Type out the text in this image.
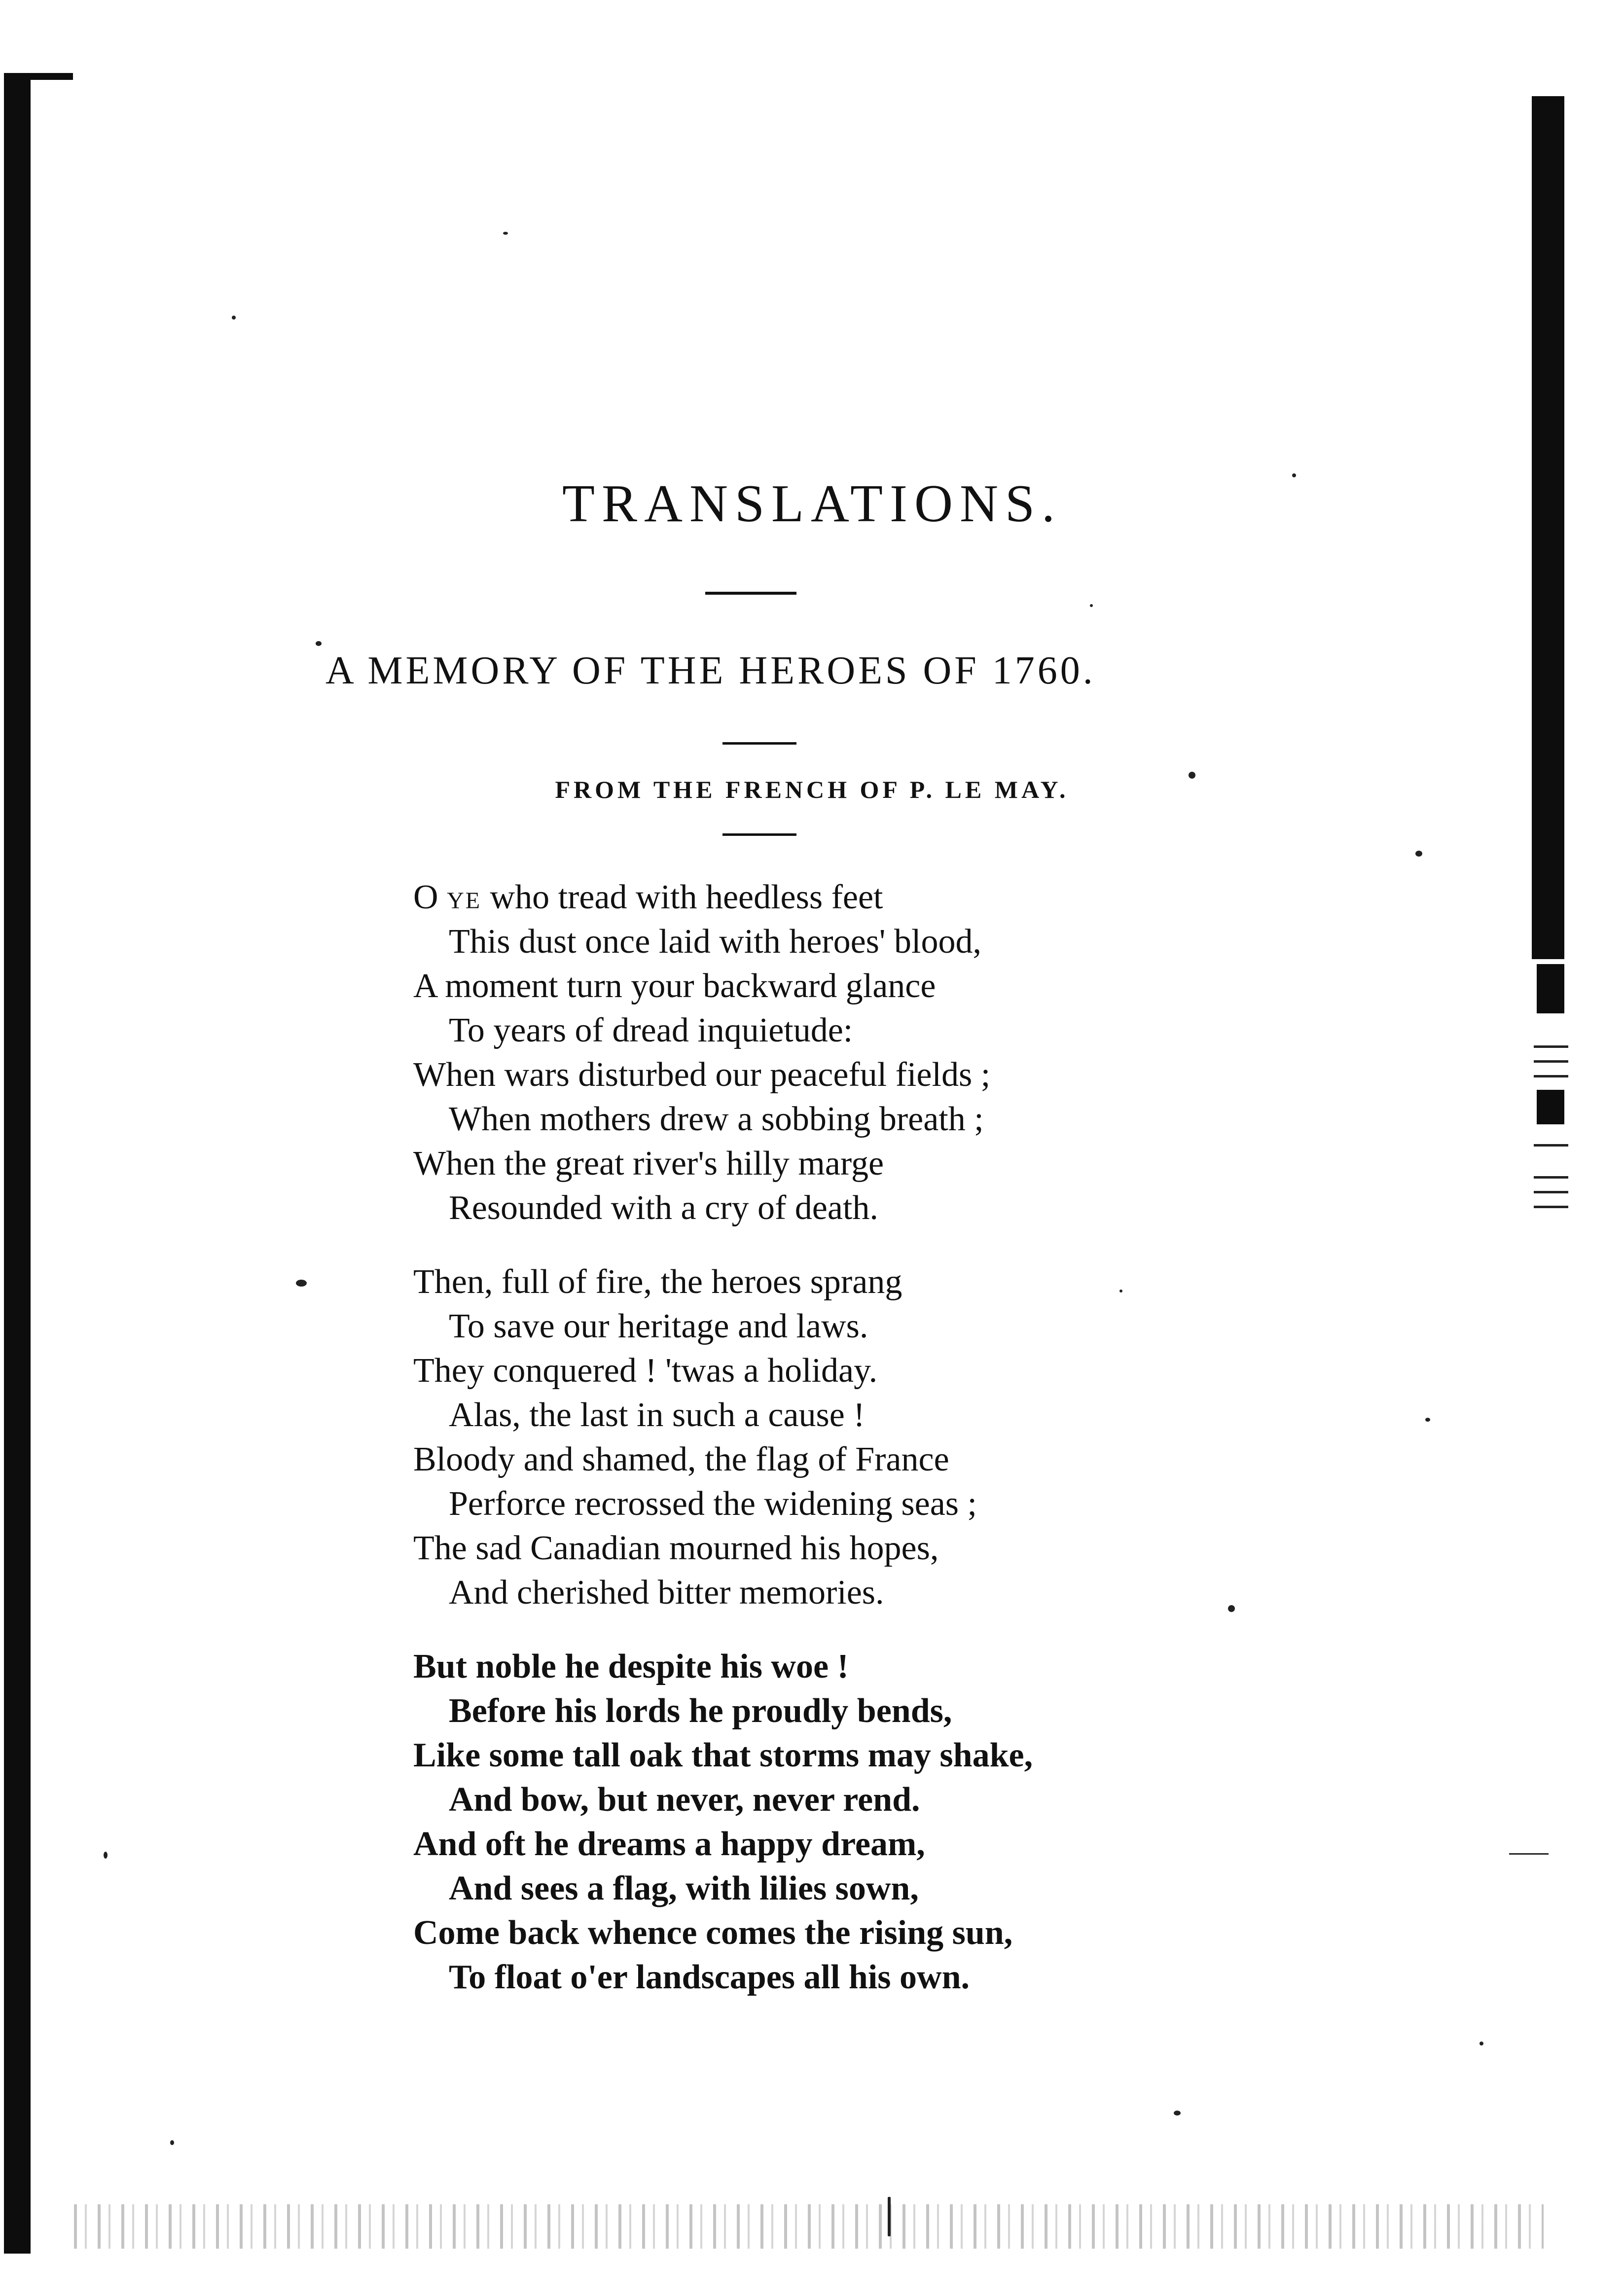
TRANSLATIONS.
A MEMORY OF THE HEROES OF 1760.

FROM THE FRENCH OF P. LE MAY.

O YE who tread with heedless feet
This dust once laid with heroes' blood,
A moment turn your backward glance
To years of dread inquietude:
When wars disturbed our peaceful fields ;
When mothers drew a sobbing breath ;
When the great river's hilly marge
Resounded with a cry of death.
Then, full of fire, the heroes sprang
To save our heritage and laws.
They conquered ! 'twas a holiday.
Alas, the last in such a cause !
Bloody and shamed, the flag of France
Perforce recrossed the widening seas ;
The sad Canadian mourned his hopes,
And cherished bitter memories.
But noble he despite his woe !
Before his lords he proudly bends,
Like some tall oak that storms may shake,
And bow, but never, never rend.
And oft he dreams a happy dream,
And sees a flag, with lilies sown,
Come back whence comes the rising sun,
To float o'er landscapes all his own.
